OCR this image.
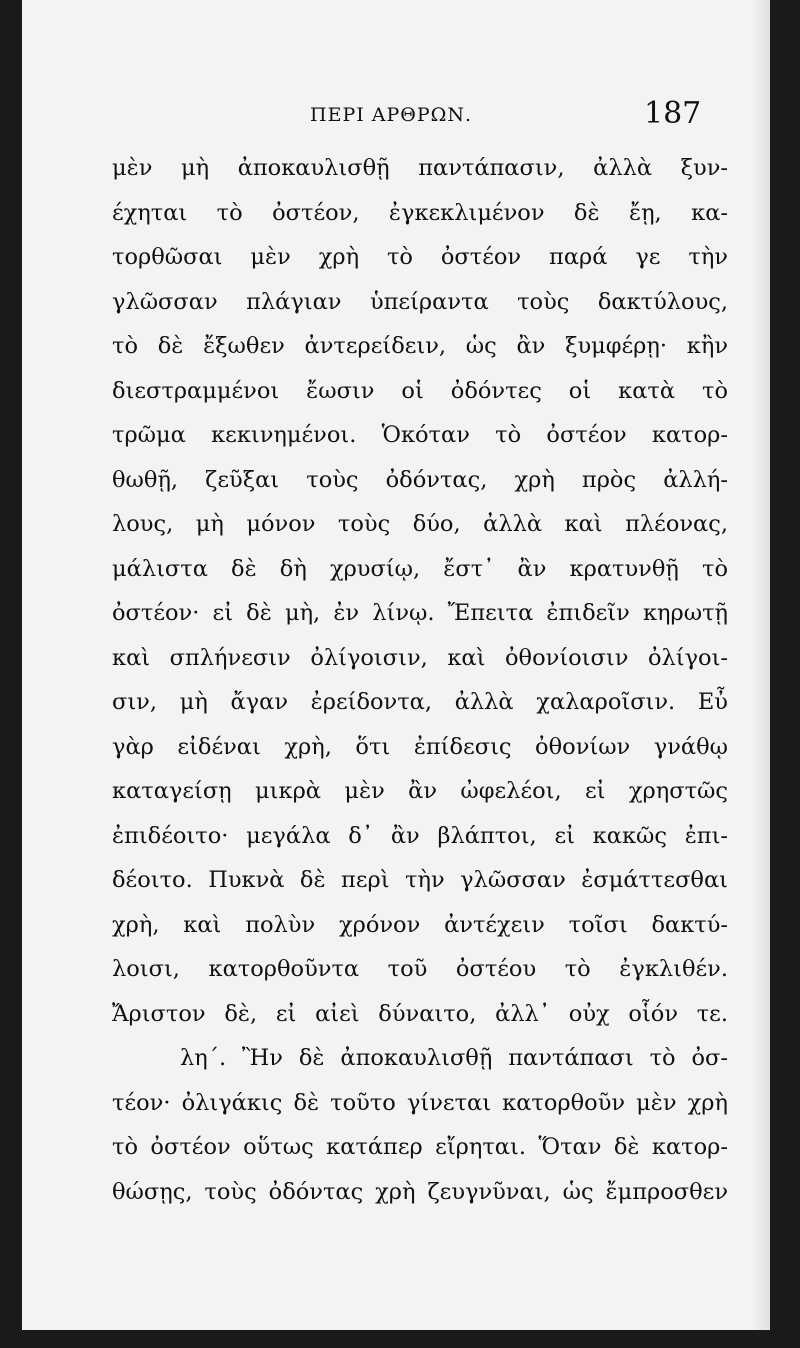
ΠΕΡΙ ΑΡΘΡΩΝ.	187
μὲν μὴ ἀποκαυλισθῇ παντάπασιν, ἀλλὰ ξυν-
έχηται τὸ ὀστέον, ἐγκεκλιμένον δὲ ἔῃ, κα-
τορθῶσαι μὲν χρὴ τὸ ὀστέον παρά γε τὴν
γλῶσσαν πλάγιαν ὑπείραντα τοὺς δακτύλους,
τὸ δὲ ἔξωθεν ἀντερείδειν, ὡς ἂν ξυμφέρῃ· κἢν
διεστραμμένοι ἔωσιν οἱ ὀδόντες οἱ κατὰ τὸ
τρῶμα κεκινημένοι. Ὁκόταν τὸ ὀστέον κατορ-
θωθῇ, ζεῦξαι τοὺς ὀδόντας, χρὴ πρὸς ἀλλή-
λους, μὴ μόνον τοὺς δύο, ἀλλὰ καὶ πλέονας,
μάλιστα δὲ δὴ χρυσίῳ, ἔστ᾽ ἂν κρατυνθῇ τὸ
ὀστέον· εἰ δὲ μὴ, ἐν λίνῳ. Ἔπειτα ἐπιδεῖν κηρωτῇ
καὶ σπλήνεσιν ὀλίγοισιν, καὶ ὀθονίοισιν ὀλίγοι-
σιν, μὴ ἄγαν ἐρείδοντα, ἀλλὰ χαλαροῖσιν. Εὖ
γὰρ εἰδέναι χρὴ, ὅτι ἐπίδεσις ὀθονίων γνάθῳ
καταγείσῃ μικρὰ μὲν ἂν ὠφελέοι, εἰ χρηστῶς
ἐπιδέοιτο· μεγάλα δ᾽ ἂν βλάπτοι, εἰ κακῶς ἐπι-
δέοιτο. Πυκνὰ δὲ περὶ τὴν γλῶσσαν ἐσμάττεσθαι
χρὴ, καὶ πολὺν χρόνον ἀντέχειν τοῖσι δακτύ-
λοισι, κατορθοῦντα τοῦ ὀστέου τὸ ἐγκλιθέν.
Ἄριστον δὲ, εἰ αἰεὶ δύναιτο, ἀλλ᾽ οὐχ οἷόν τε.
λη΄. Ἢν δὲ ἀποκαυλισθῇ παντάπασι τὸ ὀσ-
τέον· ὀλιγάκις δὲ τοῦτο γίνεται κατορθοῦν μὲν χρὴ
τὸ ὀστέον οὕτως κατάπερ εἴρηται. Ὅταν δὲ κατορ-
θώσῃς, τοὺς ὀδόντας χρὴ ζευγνῦναι, ὡς ἔμπροσθεν
